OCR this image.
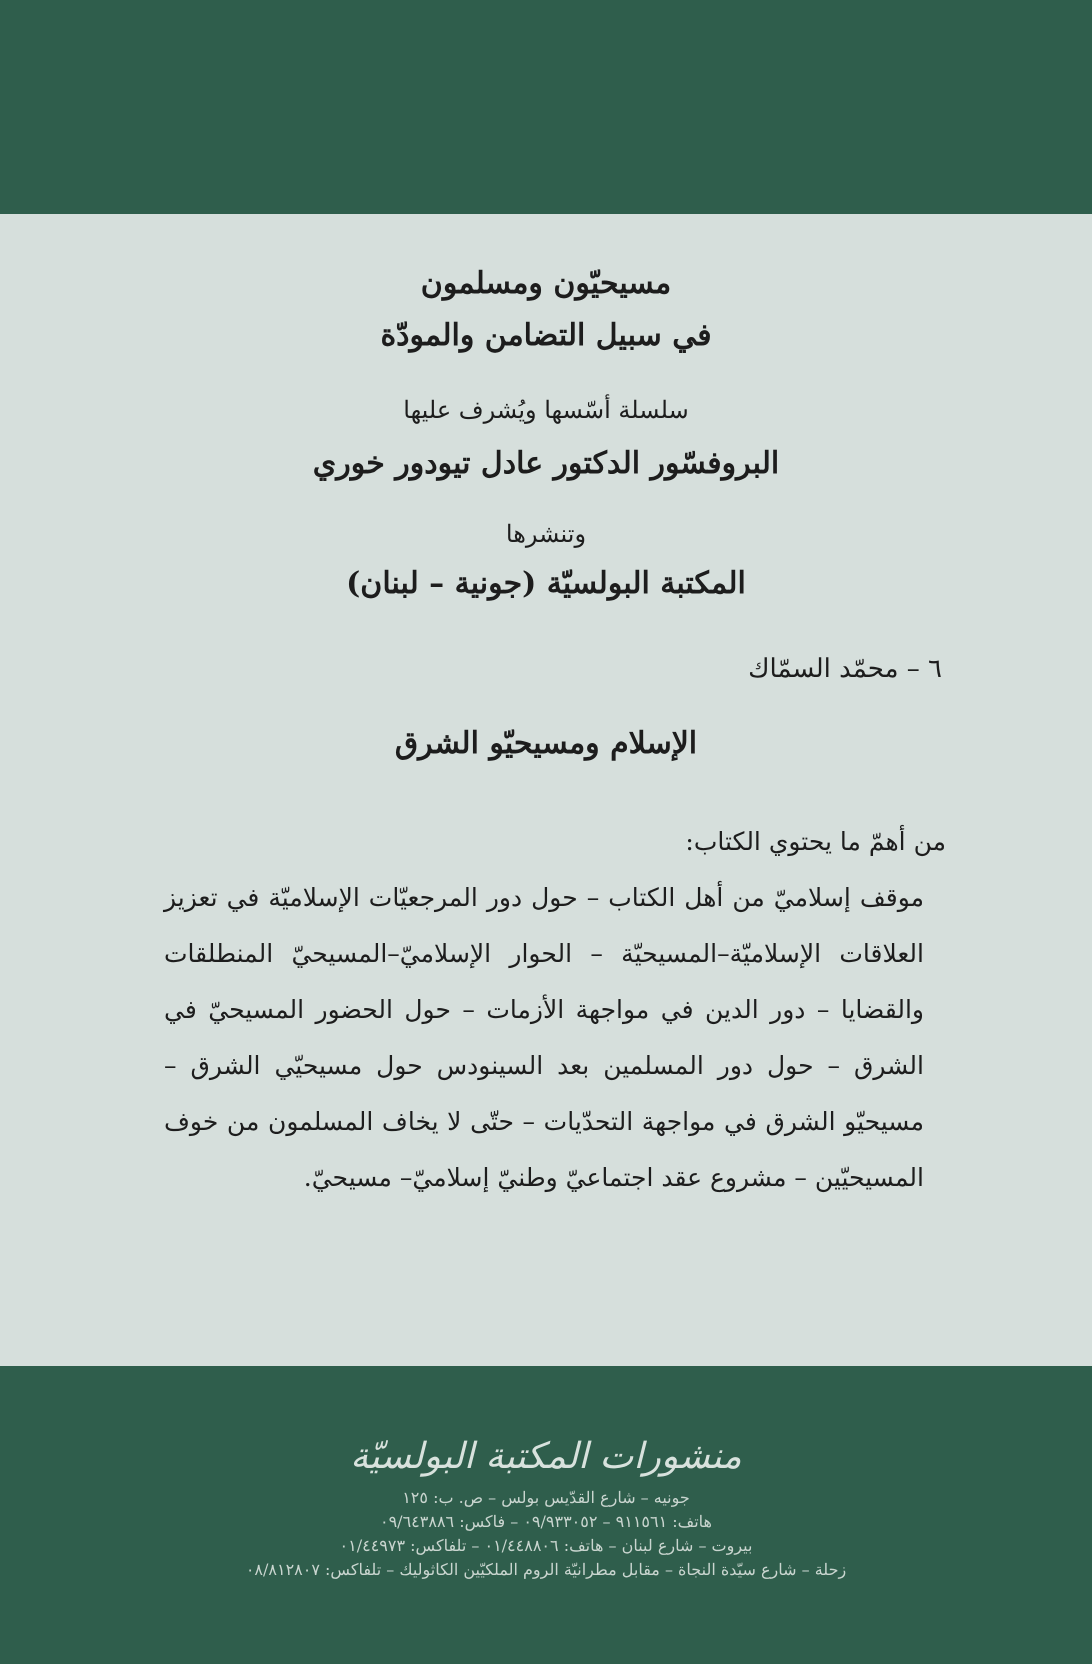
مسيحيّون ومسلمون
في سبيل التضامن والمودّة
سلسلة أسّسها ويُشرف عليها
البروفسّور الدكتور عادل تيودور خوري
وتنشرها
المكتبة البولسيّة (جونية – لبنان)
٦ – محمّد السمّاك
الإسلام ومسيحيّو الشرق
من أهمّ ما يحتوي الكتاب:
موقف إسلاميّ من أهل الكتاب – حول دور المرجعيّات الإسلاميّة في تعزيز العلاقات الإسلاميّة–المسيحيّة – الحوار الإسلاميّ–المسيحيّ المنطلقات والقضايا – دور الدين في مواجهة الأزمات – حول الحضور المسيحيّ في الشرق – حول دور المسلمين بعد السينودس حول مسيحيّي الشرق – مسيحيّو الشرق في مواجهة التحدّيات – حتّى لا يخاف المسلمون من خوف المسيحيّين – مشروع عقد اجتماعيّ وطنيّ إسلاميّ– مسيحيّ.
منشورات المكتبة البولسيّة
جونيه – شارع القدّيس بولس – ص. ب: ١٢٥
هاتف: ٩١١٥٦١ – ٠٩/٩٣٣٠٥٢ – فاكس: ٠٩/٦٤٣٨٨٦
بيروت – شارع لبنان – هاتف: ٠١/٤٤٨٨٠٦ – تلفاكس: ٠١/٤٤٩٧٣
زحلة – شارع سيّدة النجاة – مقابل مطرانيّة الروم الملكيّين الكاثوليك – تلفاكس: ٠٨/٨١٢٨٠٧
